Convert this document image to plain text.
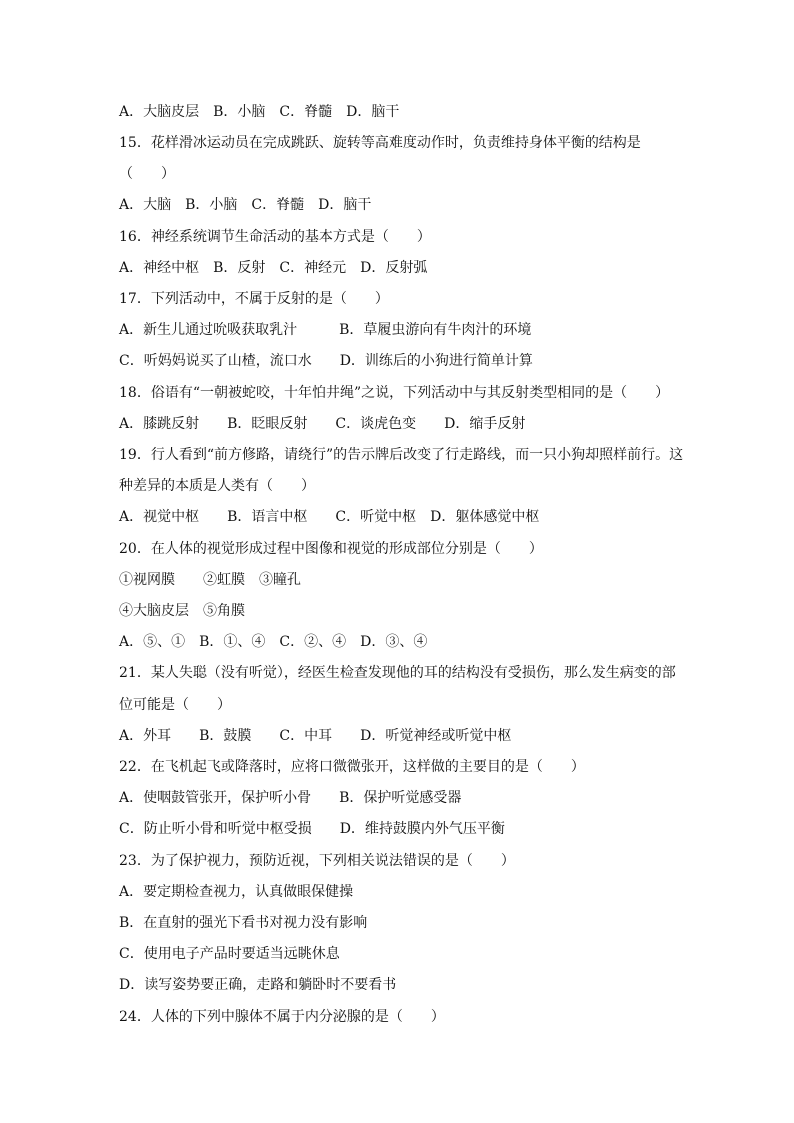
A．大脑皮层　B．小脑　C．脊髓　D．脑干
15．花样滑冰运动员在完成跳跃、旋转等高难度动作时，负责维持身体平衡的结构是
（　　）
A．大脑　B．小脑　C．脊髓　D．脑干
16．神经系统调节生命活动的基本方式是（　　）
A．神经中枢　B．反射　C．神经元　D．反射弧
17．下列活动中，不属于反射的是（　　）
A．新生儿通过吮吸获取乳汁　　　B．草履虫游向有牛肉汁的环境
C．听妈妈说买了山楂，流口水　　D．训练后的小狗进行简单计算
18．俗语有“一朝被蛇咬，十年怕井绳”之说，下列活动中与其反射类型相同的是（　　）
A．膝跳反射　　B．眨眼反射　　C．谈虎色变　　D．缩手反射
19．行人看到“前方修路，请绕行”的告示牌后改变了行走路线，而一只小狗却照样前行。这
种差异的本质是人类有（　　）
A．视觉中枢　　B．语言中枢　　C．听觉中枢　D．躯体感觉中枢
20．在人体的视觉形成过程中图像和视觉的形成部位分别是（　　）
①视网膜　　②虹膜　③瞳孔
④大脑皮层　⑤角膜
A．⑤、①　B．①、④　C．②、④　D．③、④
21．某人失聪（没有听觉），经医生检查发现他的耳的结构没有受损伤，那么发生病变的部
位可能是（　　）
A．外耳　　B．鼓膜　　C．中耳　　D．听觉神经或听觉中枢
22．在飞机起飞或降落时，应将口微微张开，这样做的主要目的是（　　）
A．使咽鼓管张开，保护听小骨　　B．保护听觉感受器
C．防止听小骨和听觉中枢受损　　D．维持鼓膜内外气压平衡
23．为了保护视力，预防近视，下列相关说法错误的是（　　）
A．要定期检查视力，认真做眼保健操
B．在直射的强光下看书对视力没有影响
C．使用电子产品时要适当远眺休息
D．读写姿势要正确，走路和躺卧时不要看书
24．人体的下列中腺体不属于内分泌腺的是（　　）
